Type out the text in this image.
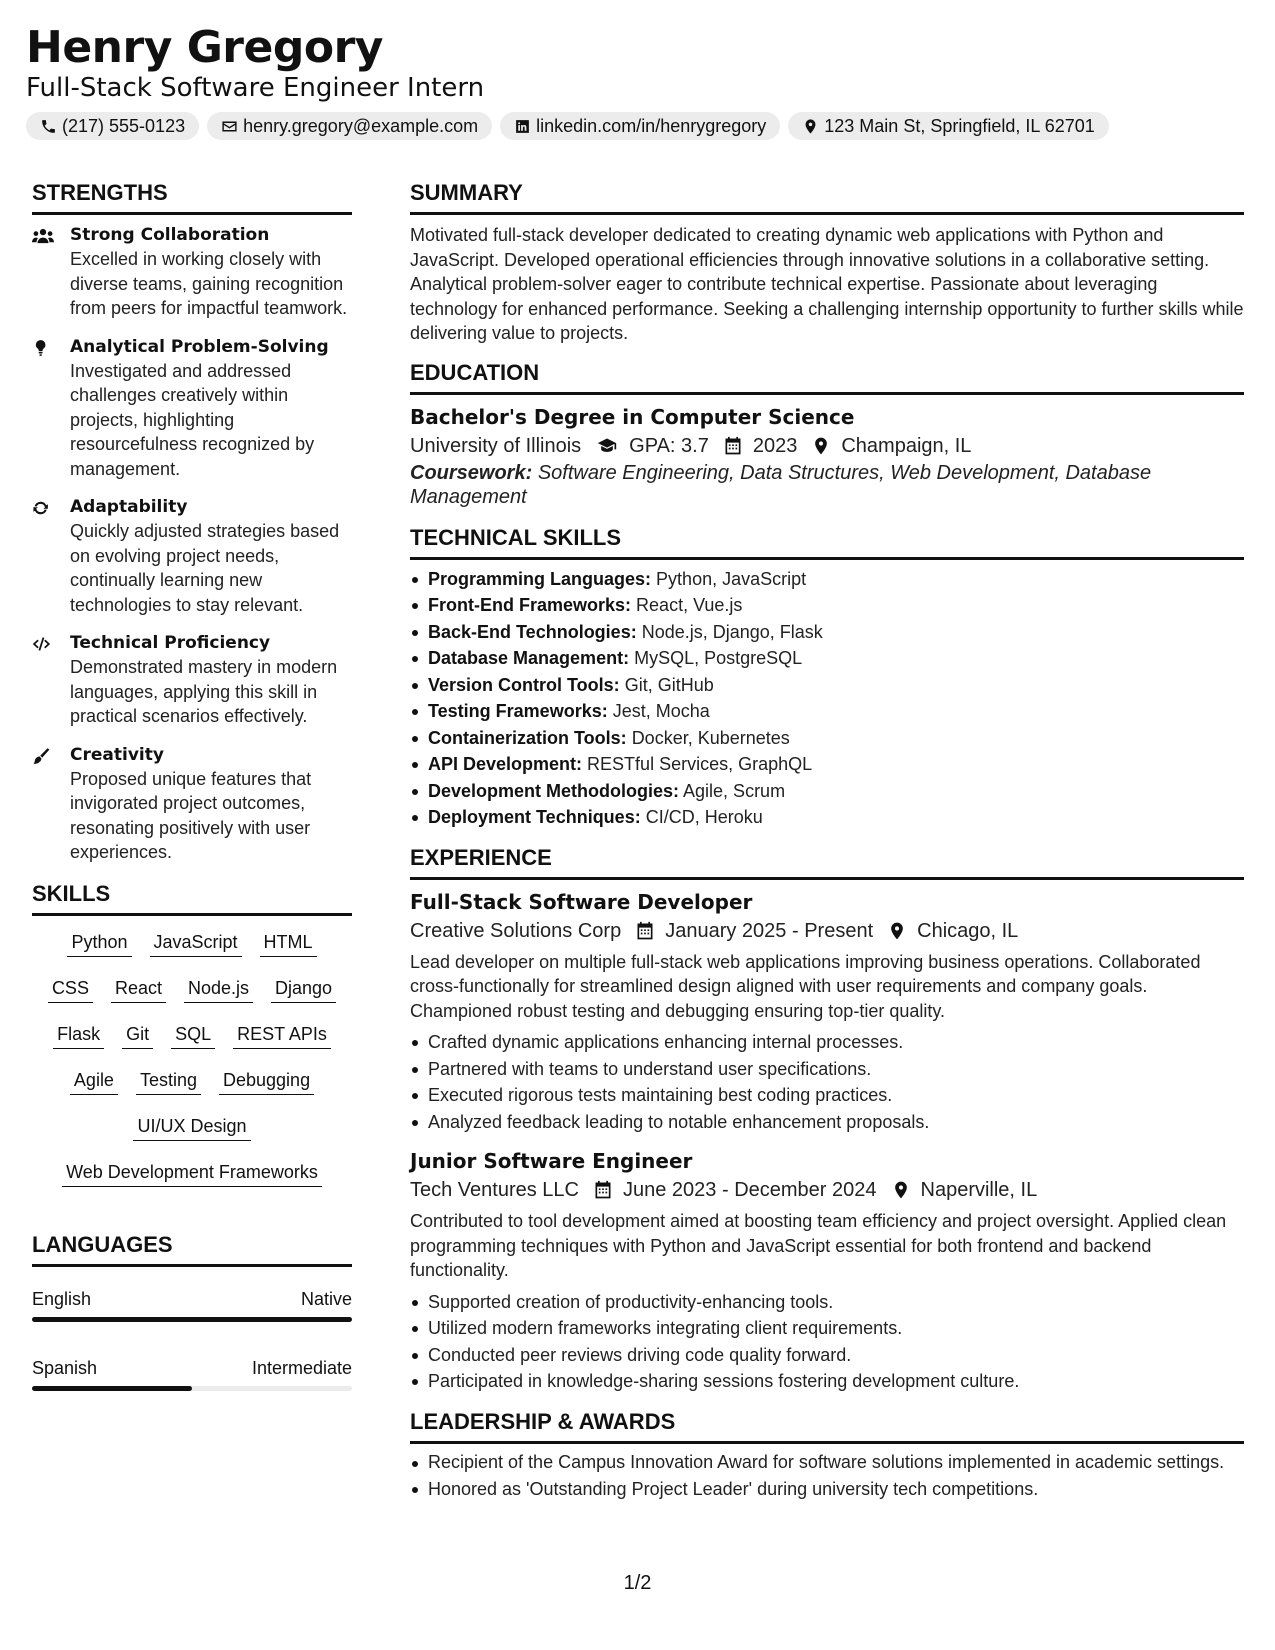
Henry Gregory
Full-Stack Software Engineer Intern
(217) 555-0123	henry.gregory@example.com	linkedin.com/in/henrygregory	123 Main St, Springfield, IL 62701
STRENGTHS
Strong Collaboration
Excelled in working closely with diverse teams, gaining recognition from peers for impactful teamwork.
Analytical Problem-Solving
Investigated and addressed challenges creatively within projects, highlighting resourcefulness recognized by management.
Adaptability
Quickly adjusted strategies based on evolving project needs, continually learning new technologies to stay relevant.
Technical Proficiency
Demonstrated mastery in modern languages, applying this skill in practical scenarios effectively.
Creativity
Proposed unique features that invigorated project outcomes, resonating positively with user experiences.
SKILLS
Python JavaScript HTML
CSS React Node.js Django
Flask Git SQL REST APIs
Agile Testing Debugging
UI/UX Design
Web Development Frameworks
LANGUAGES
English	Native
Spanish	Intermediate
SUMMARY
Motivated full-stack developer dedicated to creating dynamic web applications with Python and JavaScript. Developed operational efficiencies through innovative solutions in a collaborative setting. Analytical problem-solver eager to contribute technical expertise. Passionate about leveraging technology for enhanced performance. Seeking a challenging internship opportunity to further skills while delivering value to projects.
EDUCATION
Bachelor's Degree in Computer Science
University of Illinois GPA: 3.7 2023 Champaign, IL
Coursework: Software Engineering, Data Structures, Web Development, Database Management
TECHNICAL SKILLS
Programming Languages: Python, JavaScript
Front-End Frameworks: React, Vue.js
Back-End Technologies: Node.js, Django, Flask
Database Management: MySQL, PostgreSQL
Version Control Tools: Git, GitHub
Testing Frameworks: Jest, Mocha
Containerization Tools: Docker, Kubernetes
API Development: RESTful Services, GraphQL
Development Methodologies: Agile, Scrum
Deployment Techniques: CI/CD, Heroku
EXPERIENCE
Full-Stack Software Developer
Creative Solutions Corp January 2025 - Present Chicago, IL
Lead developer on multiple full-stack web applications improving business operations. Collaborated cross-functionally for streamlined design aligned with user requirements and company goals. Championed robust testing and debugging ensuring top-tier quality.
Crafted dynamic applications enhancing internal processes.
Partnered with teams to understand user specifications.
Executed rigorous tests maintaining best coding practices.
Analyzed feedback leading to notable enhancement proposals.
Junior Software Engineer
Tech Ventures LLC June 2023 - December 2024 Naperville, IL
Contributed to tool development aimed at boosting team efficiency and project oversight. Applied clean programming techniques with Python and JavaScript essential for both frontend and backend functionality.
Supported creation of productivity-enhancing tools.
Utilized modern frameworks integrating client requirements.
Conducted peer reviews driving code quality forward.
Participated in knowledge-sharing sessions fostering development culture.
LEADERSHIP & AWARDS
Recipient of the Campus Innovation Award for software solutions implemented in academic settings.
Honored as 'Outstanding Project Leader' during university tech competitions.
1/2
